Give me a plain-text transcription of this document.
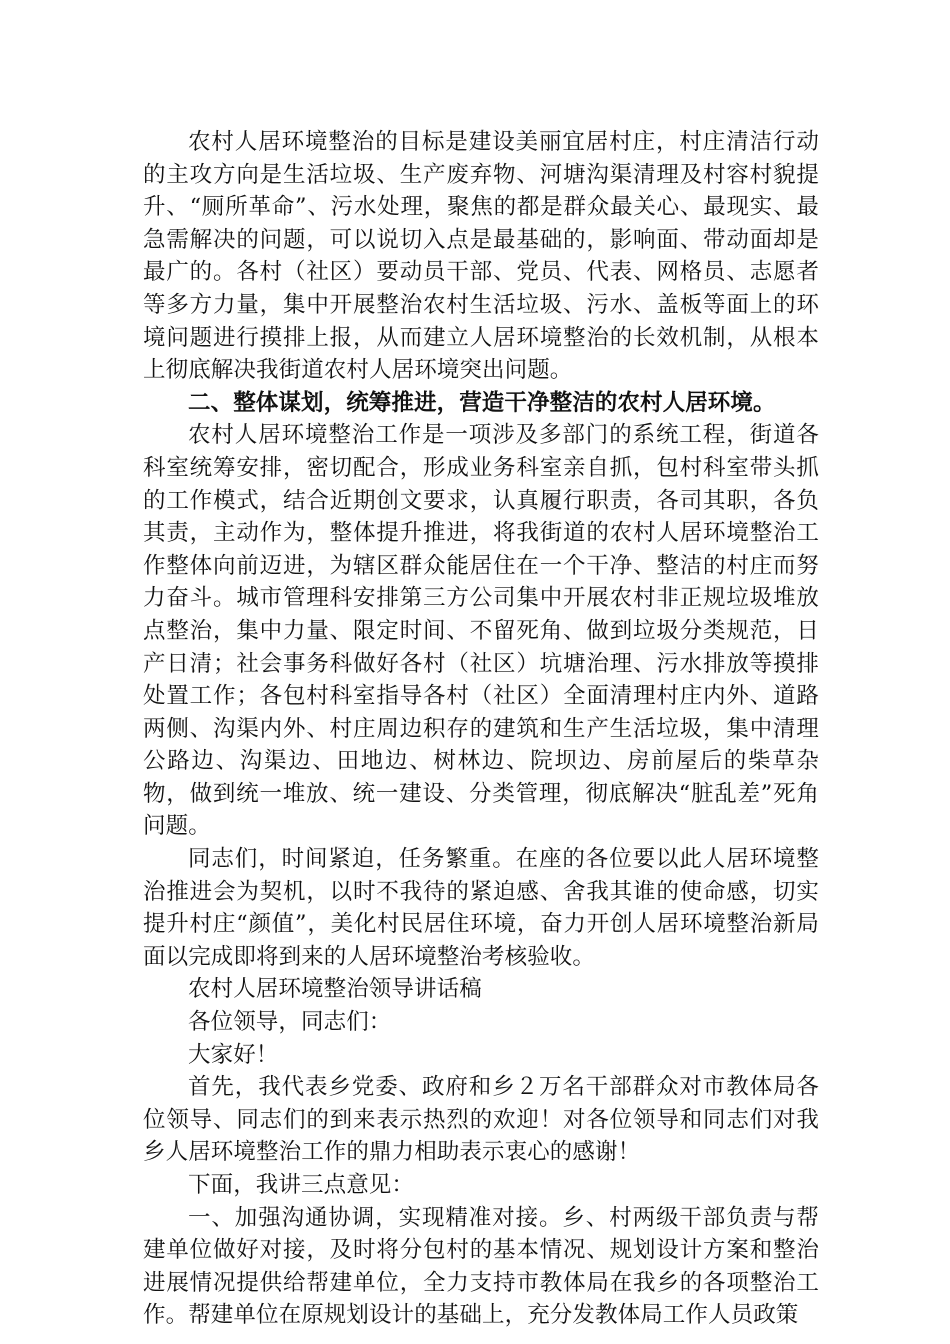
农村人居环境整治的目标是建设美丽宜居村庄，村庄清洁行动的主攻方向是生活垃圾、生产废弃物、河塘沟渠清理及村容村貌提升、“厕所革命”、污水处理，聚焦的都是群众最关心、最现实、最急需解决的问题，可以说切入点是最基础的，影响面、带动面却是最广的。各村（社区）要动员干部、党员、代表、网格员、志愿者等多方力量，集中开展整治农村生活垃圾、污水、盖板等面上的环境问题进行摸排上报，从而建立人居环境整治的长效机制，从根本上彻底解决我街道农村人居环境突出问题。

二、整体谋划，统筹推进，营造干净整洁的农村人居环境。

农村人居环境整治工作是一项涉及多部门的系统工程，街道各科室统筹安排，密切配合，形成业务科室亲自抓，包村科室带头抓的工作模式，结合近期创文要求，认真履行职责，各司其职，各负其责，主动作为，整体提升推进，将我街道的农村人居环境整治工作整体向前迈进，为辖区群众能居住在一个干净、整洁的村庄而努力奋斗。城市管理科安排第三方公司集中开展农村非正规垃圾堆放点整治，集中力量、限定时间、不留死角、做到垃圾分类规范，日产日清；社会事务科做好各村（社区）坑塘治理、污水排放等摸排处置工作；各包村科室指导各村（社区）全面清理村庄内外、道路两侧、沟渠内外、村庄周边积存的建筑和生产生活垃圾，集中清理公路边、沟渠边、田地边、树林边、院坝边、房前屋后的柴草杂物，做到统一堆放、统一建设、分类管理，彻底解决“脏乱差”死角问题。

同志们，时间紧迫，任务繁重。在座的各位要以此人居环境整治推进会为契机，以时不我待的紧迫感、舍我其谁的使命感，切实提升村庄“颜值”，美化村民居住环境，奋力开创人居环境整治新局面以完成即将到来的人居环境整治考核验收。

农村人居环境整治领导讲话稿

各位领导，同志们：

大家好！

首先，我代表乡党委、政府和乡２万名干部群众对市教体局各位领导、同志们的到来表示热烈的欢迎！对各位领导和同志们对我乡人居环境整治工作的鼎力相助表示衷心的感谢！

下面，我讲三点意见：

一、加强沟通协调，实现精准对接。乡、村两级干部负责与帮建单位做好对接，及时将分包村的基本情况、规划设计方案和整治进展情况提供给帮建单位，全力支持市教体局在我乡的各项整治工作。帮建单位在原规划设计的基础上，充分发教体局工作人员政策
